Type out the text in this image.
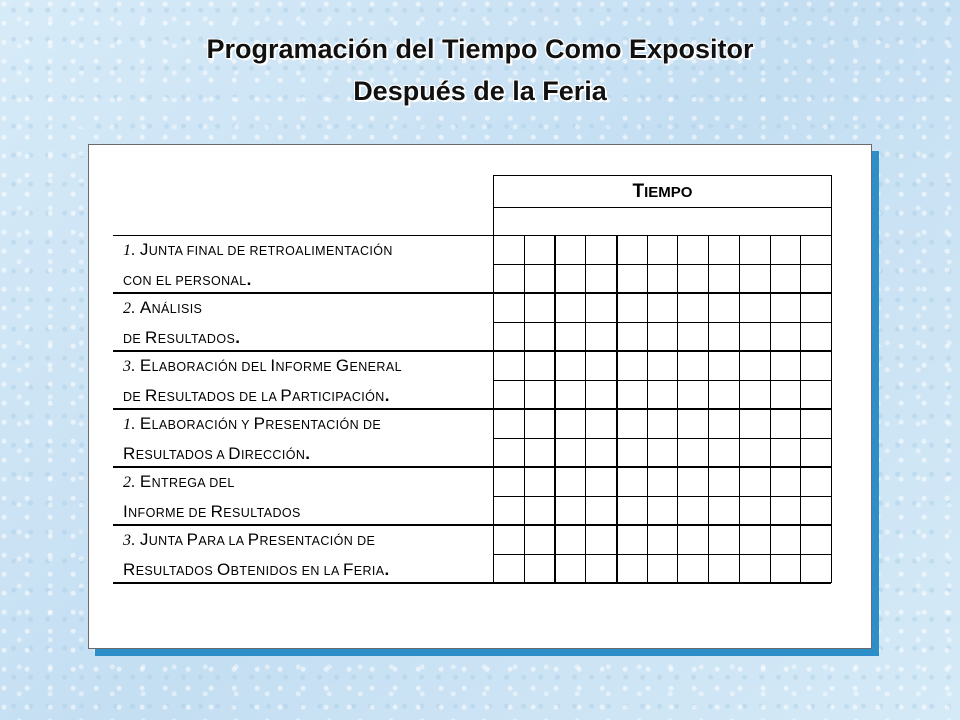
Programación del Tiempo Como Expositor
Después de la Feria
TIEMPO
1. JUNTA FINAL DE RETROALIMENTACIÓN
CON EL PERSONAL.
2. ANÁLISIS
DE RESULTADOS.
3. ELABORACIÓN DEL INFORME GENERAL
DE RESULTADOS DE LA PARTICIPACIÓN.
1. ELABORACIÓN Y PRESENTACIÓN DE
RESULTADOS A DIRECCIÓN.
2. ENTREGA DEL
INFORME DE RESULTADOS
3. JUNTA PARA LA PRESENTACIÓN DE
RESULTADOS OBTENIDOS EN LA FERIA.
